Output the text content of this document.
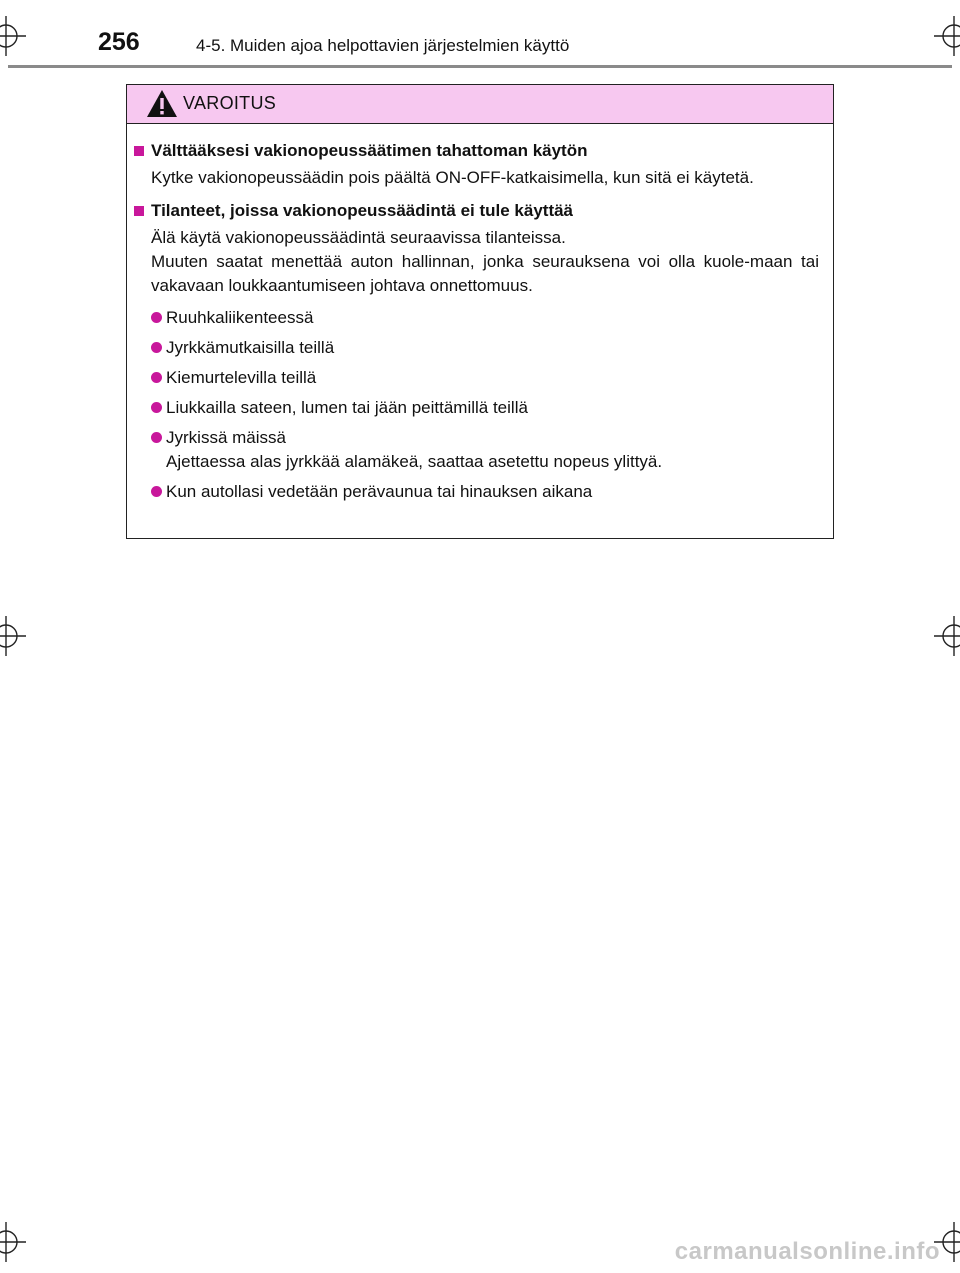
256	4-5. Muiden ajoa helpottavien järjestelmien käyttö
VAROITUS
Välttääksesi vakionopeussäätimen tahattoman käytön
Kytke vakionopeussäädin pois päältä ON-OFF-katkaisimella, kun sitä ei käytetä.
Tilanteet, joissa vakionopeussäädintä ei tule käyttää
Älä käytä vakionopeussäädintä seuraavissa tilanteissa.
Muuten saatat menettää auton hallinnan, jonka seurauksena voi olla kuole-maan tai vakavaan loukkaantumiseen johtava onnettomuus.
Ruuhkaliikenteessä
Jyrkkämutkaisilla teillä
Kiemurtelevilla teillä
Liukkailla sateen, lumen tai jään peittämillä teillä
Jyrkissä mäissä
Ajettaessa alas jyrkkää alamäkeä, saattaa asetettu nopeus ylittyä.
Kun autollasi vedetään perävaunua tai hinauksen aikana
carmanualsonline.info
